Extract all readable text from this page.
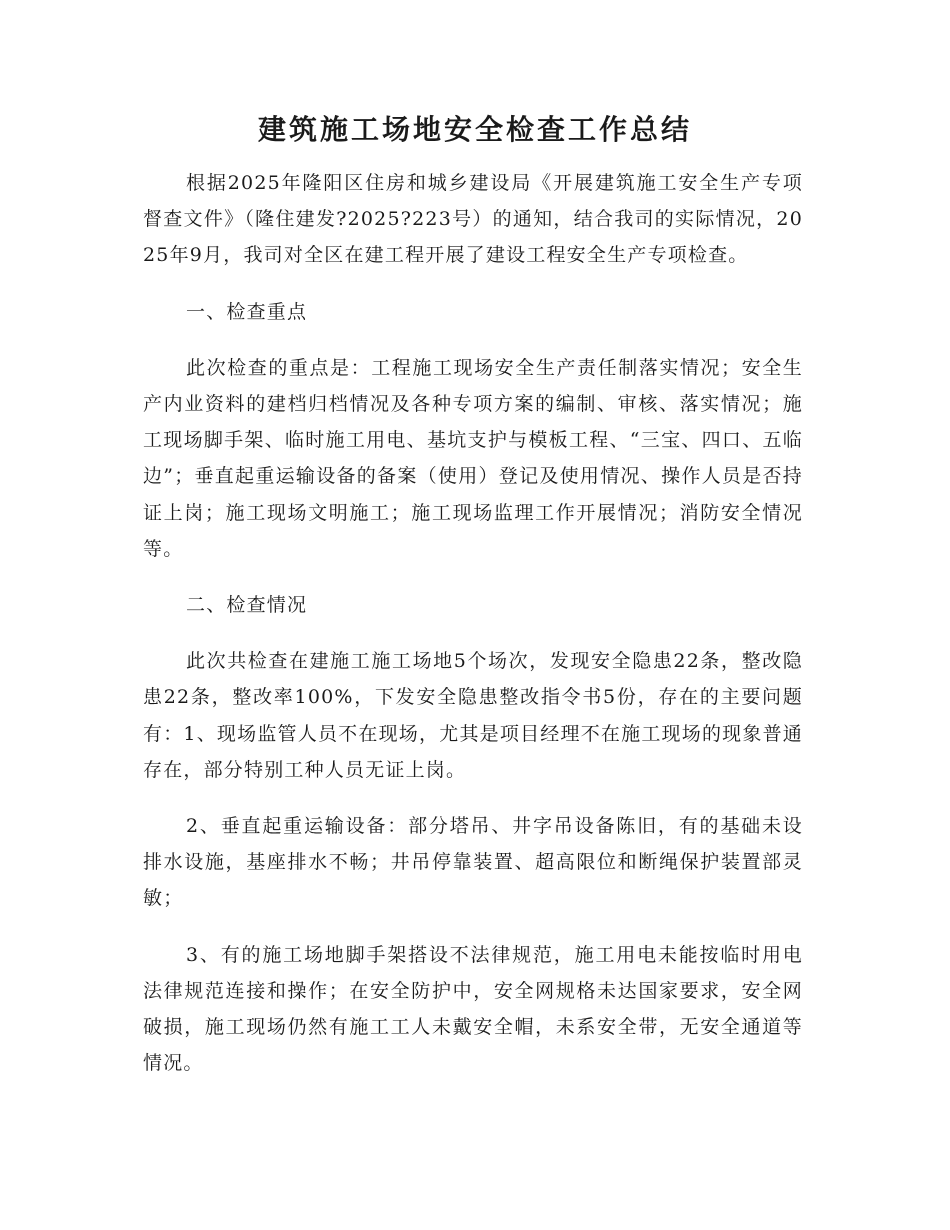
建筑施工场地安全检查工作总结

根据2025年隆阳区住房和城乡建设局《开展建筑施工安全生产专项督查文件》（隆住建发?2025?223号）的通知，结合我司的实际情况，2025年9月，我司对全区在建工程开展了建设工程安全生产专项检查。

一、检查重点

此次检查的重点是：工程施工现场安全生产责任制落实情况；安全生产内业资料的建档归档情况及各种专项方案的编制、审核、落实情况；施工现场脚手架、临时施工用电、基坑支护与模板工程、“三宝、四口、五临边”；垂直起重运输设备的备案（使用）登记及使用情况、操作人员是否持证上岗；施工现场文明施工；施工现场监理工作开展情况；消防安全情况等。

二、检查情况

此次共检查在建施工施工场地5个场次，发现安全隐患22条，整改隐患22条，整改率100%，下发安全隐患整改指令书5份，存在的主要问题有：1、现场监管人员不在现场，尤其是项目经理不在施工现场的现象普通存在，部分特别工种人员无证上岗。

2、垂直起重运输设备：部分塔吊、井字吊设备陈旧，有的基础未设排水设施，基座排水不畅；井吊停靠装置、超高限位和断绳保护装置部灵敏；

3、有的施工场地脚手架搭设不法律规范，施工用电未能按临时用电法律规范连接和操作；在安全防护中，安全网规格未达国家要求，安全网破损，施工现场仍然有施工工人未戴安全帽，未系安全带，无安全通道等情况。
